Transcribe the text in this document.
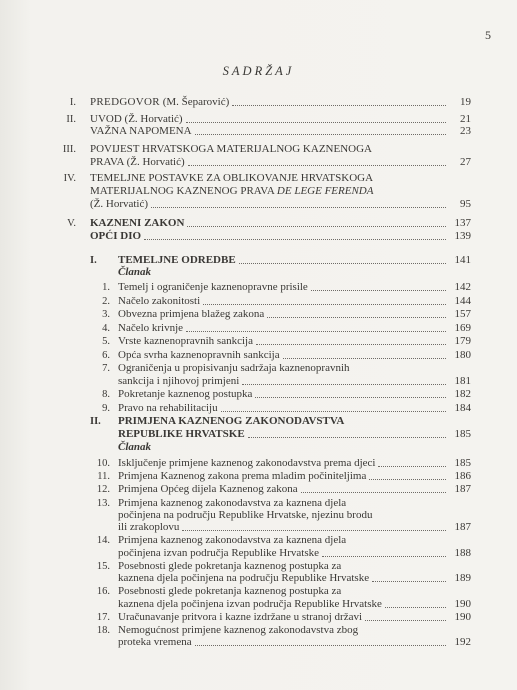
5
SADRŽAJ
I. PREDGOVOR (M. Šeparović)	19
II. UVOD (Ž. Horvatić)	21
VAŽNA NAPOMENA	23
III. POVIJEST HRVATSKOGA MATERIJALNOG KAZNENOGA
PRAVA (Ž. Horvatić)	27
IV. TEMELJNE POSTAVKE ZA OBLIKOVANJE HRVATSKOGA
MATERIJALNOG KAZNENOG PRAVA DE LEGE FERENDA
(Ž. Horvatić)	95
V. KAZNENI ZAKON	137
OPĆI DIO	139
I.	TEMELJNE ODREDBE	141
Članak
1. Temelj i ograničenje kaznenopravne prisile	142
2. Načelo zakonitosti	144
3. Obvezna primjena blažeg zakona	157
4. Načelo krivnje	169
5. Vrste kaznenopravnih sankcija	179
6. Opća svrha kaznenopravnih sankcija	180
7. Ograničenja u propisivanju sadržaja kaznenopravnih
sankcija i njihovoj primjeni	181
8. Pokretanje kaznenog postupka	182
9. Pravo na rehabilitaciju	184
II. PRIMJENA KAZNENOG ZAKONODAVSTVA
REPUBLIKE HRVATSKE	185
Članak
10. Isključenje primjene kaznenog zakonodavstva prema djeci	185
11. Primjena Kaznenog zakona prema mladim počiniteljima	186
12. Primjena Općeg dijela Kaznenog zakona	187
13. Primjena kaznenog zakonodavstva za kaznena djela
počinjena na području Republike Hrvatske, njezinu brodu
ili zrakoplovu	187
14. Primjena kaznenog zakonodavstva za kaznena djela
počinjena izvan područja Republike Hrvatske	188
15. Posebnosti glede pokretanja kaznenog postupka za
kaznena djela počinjena na području Republike Hrvatske	189
16. Posebnosti glede pokretanja kaznenog postupka za
kaznena djela počinjena izvan područja Republike Hrvatske	190
17. Uračunavanje pritvora i kazne izdržane u stranoj državi	190
18. Nemogućnost primjene kaznenog zakonodavstva zbog
proteka vremena	192
